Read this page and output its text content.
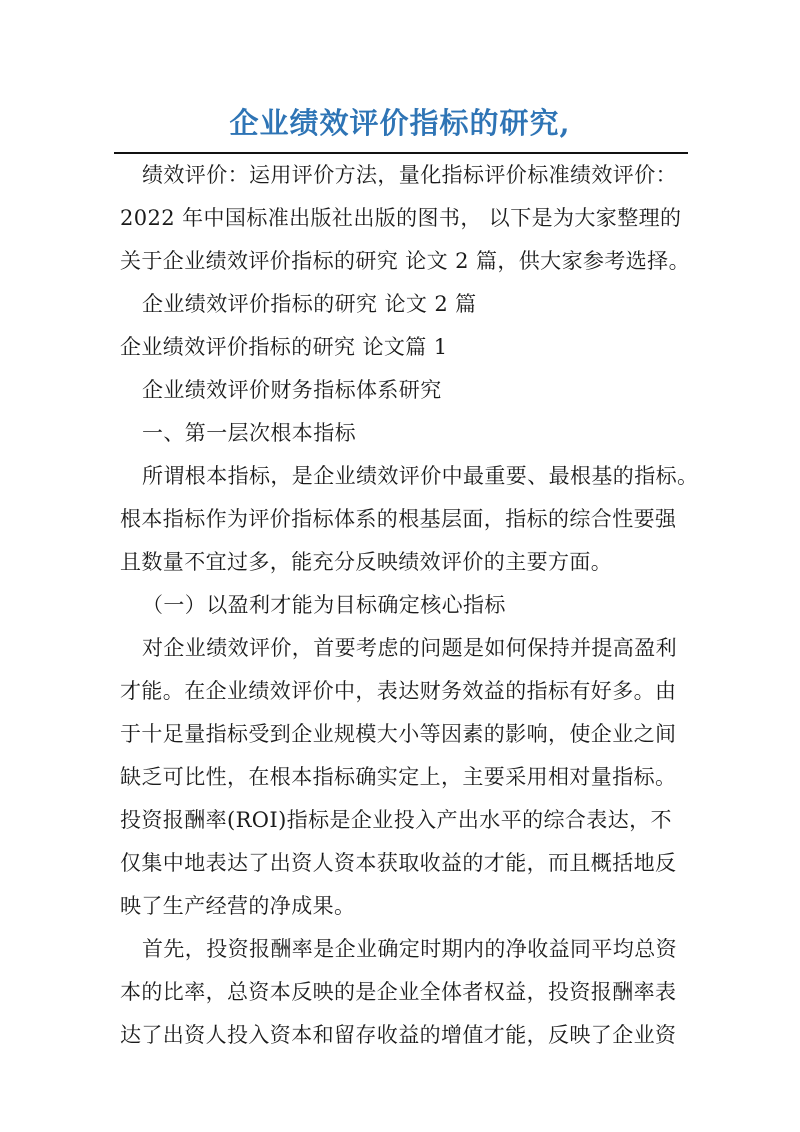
企业绩效评价指标的研究,
绩效评价：运用评价方法，量化指标评价标准绩效评价：
2022 年中国标准出版社出版的图书， 以下是为大家整理的
关于企业绩效评价指标的研究 论文 2 篇，供大家参考选择。
企业绩效评价指标的研究 论文 2 篇
企业绩效评价指标的研究 论文篇 1
企业绩效评价财务指标体系研究
一、第一层次根本指标
所谓根本指标，是企业绩效评价中最重要、最根基的指标。
根本指标作为评价指标体系的根基层面，指标的综合性要强
且数量不宜过多，能充分反映绩效评价的主要方面。
（一）以盈利才能为目标确定核心指标
对企业绩效评价，首要考虑的问题是如何保持并提高盈利
才能。在企业绩效评价中，表达财务效益的指标有好多。由
于十足量指标受到企业规模大小等因素的影响，使企业之间
缺乏可比性，在根本指标确实定上，主要采用相对量指标。
投资报酬率(ROI)指标是企业投入产出水平的综合表达，不
仅集中地表达了出资人资本获取收益的才能，而且概括地反
映了生产经营的净成果。
首先，投资报酬率是企业确定时期内的净收益同平均总资
本的比率，总资本反映的是企业全体者权益，投资报酬率表
达了出资人投入资本和留存收益的增值才能，反映了企业资
